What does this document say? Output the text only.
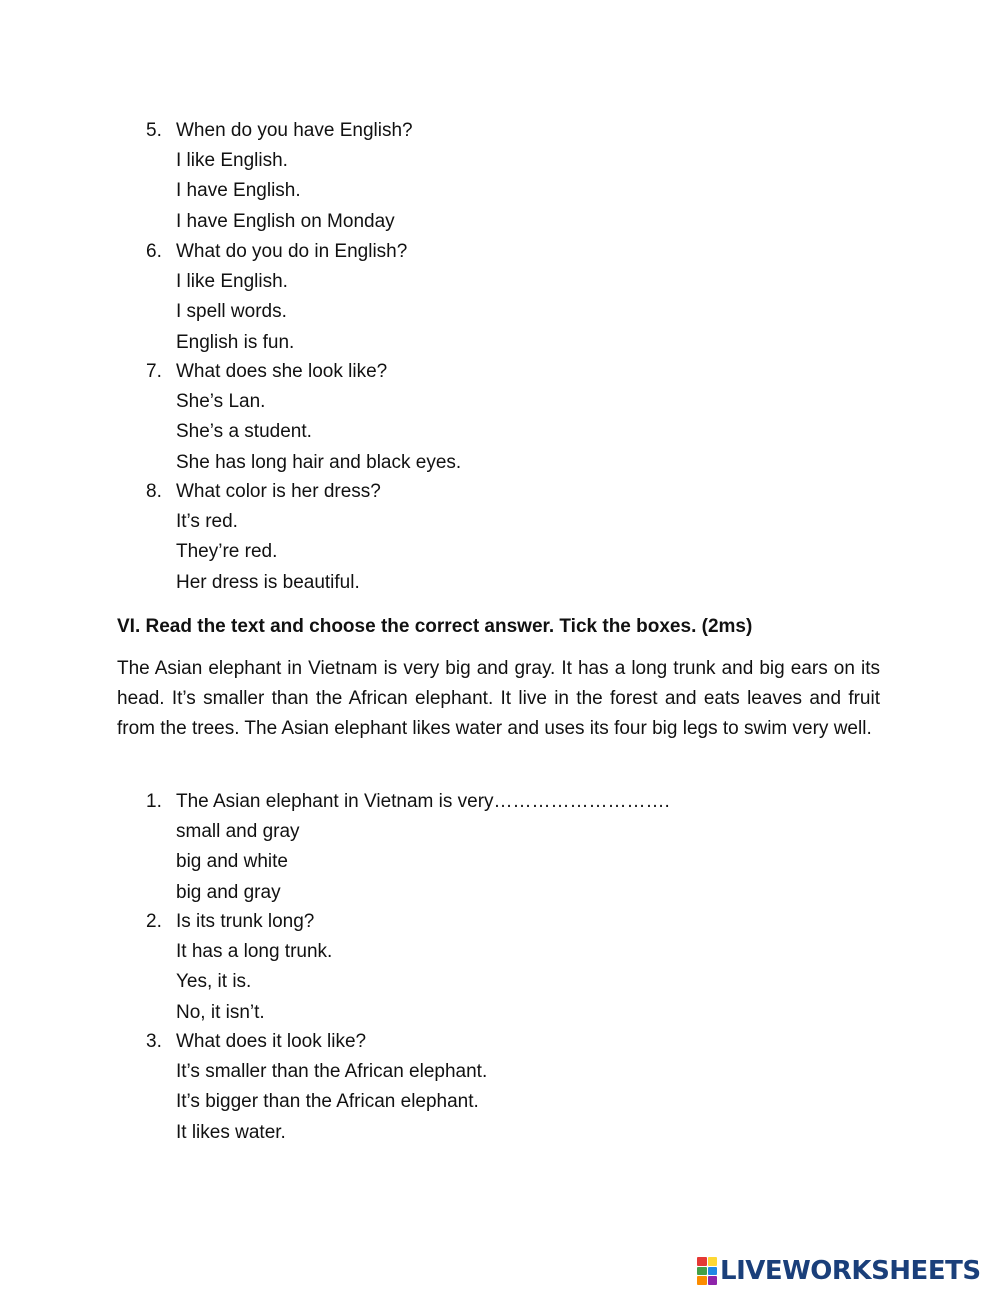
5. When do you have English?
I like English.
I have English.
I have English on Monday
6. What do you do in English?
I like English.
I spell words.
English is fun.
7. What does she look like?
She’s Lan.
She’s a student.
She has long hair and black eyes.
8. What color is her dress?
It’s red.
They’re red.
Her dress is beautiful.
VI. Read the text and choose the correct answer. Tick the boxes. (2ms)
The Asian elephant in Vietnam is very big and gray. It has a long trunk and big ears on its head. It’s smaller than the African elephant. It live in the forest and eats leaves and fruit from the trees. The Asian elephant likes water and uses its four big legs to swim very well.
1. The Asian elephant in Vietnam is very……………………….
small and gray
big and white
big and gray
2. Is its trunk long?
It has a long trunk.
Yes, it is.
No, it isn’t.
3. What does it look like?
It’s smaller than the African elephant.
It’s bigger than the African elephant.
It likes water.
LIVEWORKSHEETS
